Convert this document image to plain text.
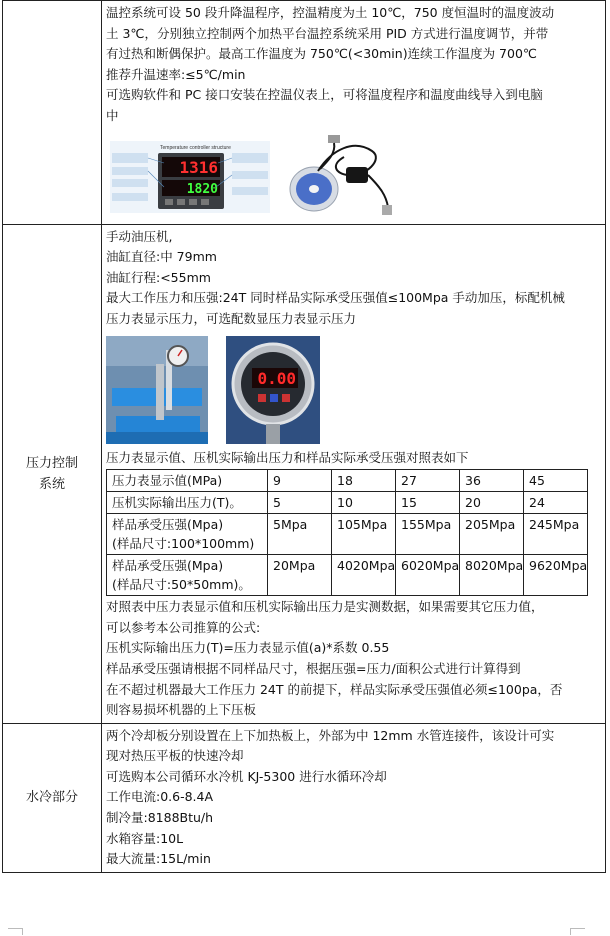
温控系统可设 50 段升降温程序，控温精度为土 10℃，750 度恒温时的温度波动
土 3℃，分别独立控制两个加热平台温控系统采用 PID 方式进行温度调节，并带
有过热和断偶保护。最高工作温度为 750℃(<30min)连续工作温度为 700℃
推荐升温速率:≤5℃/min
可选购软件和 PC 接口安装在控温仪表上，可将温度程序和温度曲线导入到电脑
中
Temperature controller structure
1316
1820

压力控制
系统

手动油压机,
油缸直径:中 79mm
油缸行程:<55mm
最大工作压力和压强:24T 同时样品实际承受压强值≤100Mpa 手动加压，标配机械
压力表显示压力，可选配数显压力表显示压力
0.00
压力表显示值、压机实际输出压力和样品实际承受压强对照表如下
压力表显示值(MPa)	9	18	27	36	45

压机实际输出压力(T)。	5	10	15	20	24

样品承受压强(Mpa)
(样品尺寸:100*100mm)
	5Mpa	105Mpa	155Mpa	205Mpa	245Mpa

样品承受压强(Mpa)
(样品尺寸:50*50mm)。
	20Mpa	4020Mpa	6020Mpa	8020Mpa	9620Mpa
对照表中压力表显示值和压机实际输出压力是实测数据，如果需要其它压力值，
可以参考本公司推算的公式:
压机实际输出压力(T)=压力表显示值(a)*系数 0.55
样品承受压强请根据不同样品尺寸，根据压强=压力/面积公式进行计算得到
在不超过机器最大工作压力 24T 的前提下，样品实际承受压强值必须≤100pa，否
则容易损坏机器的上下压板

水冷部分

两个冷却板分别设置在上下加热板上，外部为中 12mm 水管连接件，该设计可实
现对热压平板的快速冷却
可选购本公司循环水冷机 KJ-5300 进行水循环冷却
工作电流:0.6-8.4A
制冷量:8188Btu/h
水箱容量:10L
最大流量:15L/min
